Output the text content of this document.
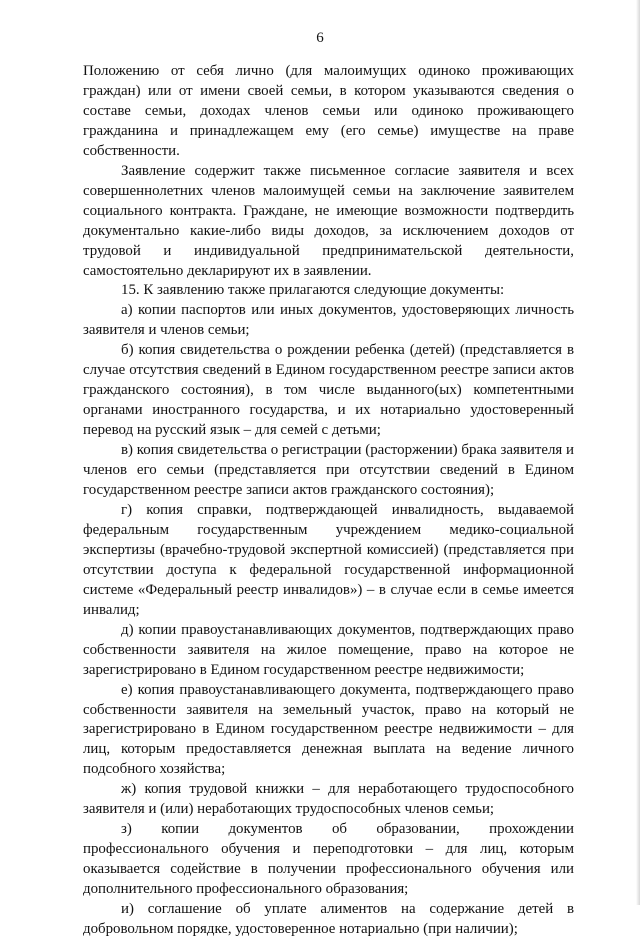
6

Положению от себя лично (для малоимущих одиноко проживающих граждан) или от имени своей семьи, в котором указываются сведения о составе семьи, доходах членов семьи или одиноко проживающего гражданина и принадлежащем ему (его семье) имуществе на праве собственности.

Заявление содержит также письменное согласие заявителя и всех совершеннолетних членов малоимущей семьи на заключение заявителем социального контракта. Граждане, не имеющие возможности подтвердить документально какие-либо виды доходов, за исключением доходов от трудовой и индивидуальной предпринимательской деятельности, самостоятельно декларируют их в заявлении.

15. К заявлению также прилагаются следующие документы:

а) копии паспортов или иных документов, удостоверяющих личность заявителя и членов семьи;

б) копия свидетельства о рождении ребенка (детей) (представляется в случае отсутствия сведений в Едином государственном реестре записи актов гражданского состояния), в том числе выданного(ых) компетентными органами иностранного государства, и их нотариально удостоверенный перевод на русский язык – для семей с детьми;

в) копия свидетельства о регистрации (расторжении) брака заявителя и членов его семьи (представляется при отсутствии сведений в Едином государственном реестре записи актов гражданского состояния);

г) копия справки, подтверждающей инвалидность, выдаваемой федеральным государственным учреждением медико-социальной экспертизы (врачебно-трудовой экспертной комиссией) (представляется при отсутствии доступа к федеральной государственной информационной системе «Федеральный реестр инвалидов») – в случае если в семье имеется инвалид;

д) копии правоустанавливающих документов, подтверждающих право собственности заявителя на жилое помещение, право на которое не зарегистрировано в Едином государственном реестре недвижимости;

е) копия правоустанавливающего документа, подтверждающего право собственности заявителя на земельный участок, право на который не зарегистрировано в Едином государственном реестре недвижимости – для лиц, которым предоставляется денежная выплата на ведение личного подсобного хозяйства;

ж) копия трудовой книжки – для неработающего трудоспособного заявителя и (или) неработающих трудоспособных членов семьи;

з) копии документов об образовании, прохождении профессионального обучения и переподготовки – для лиц, которым оказывается содействие в получении профессионального обучения или дополнительного профессионального образования;

и) соглашение об уплате алиментов на содержание детей в добровольном порядке, удостоверенное нотариально (при наличии);
